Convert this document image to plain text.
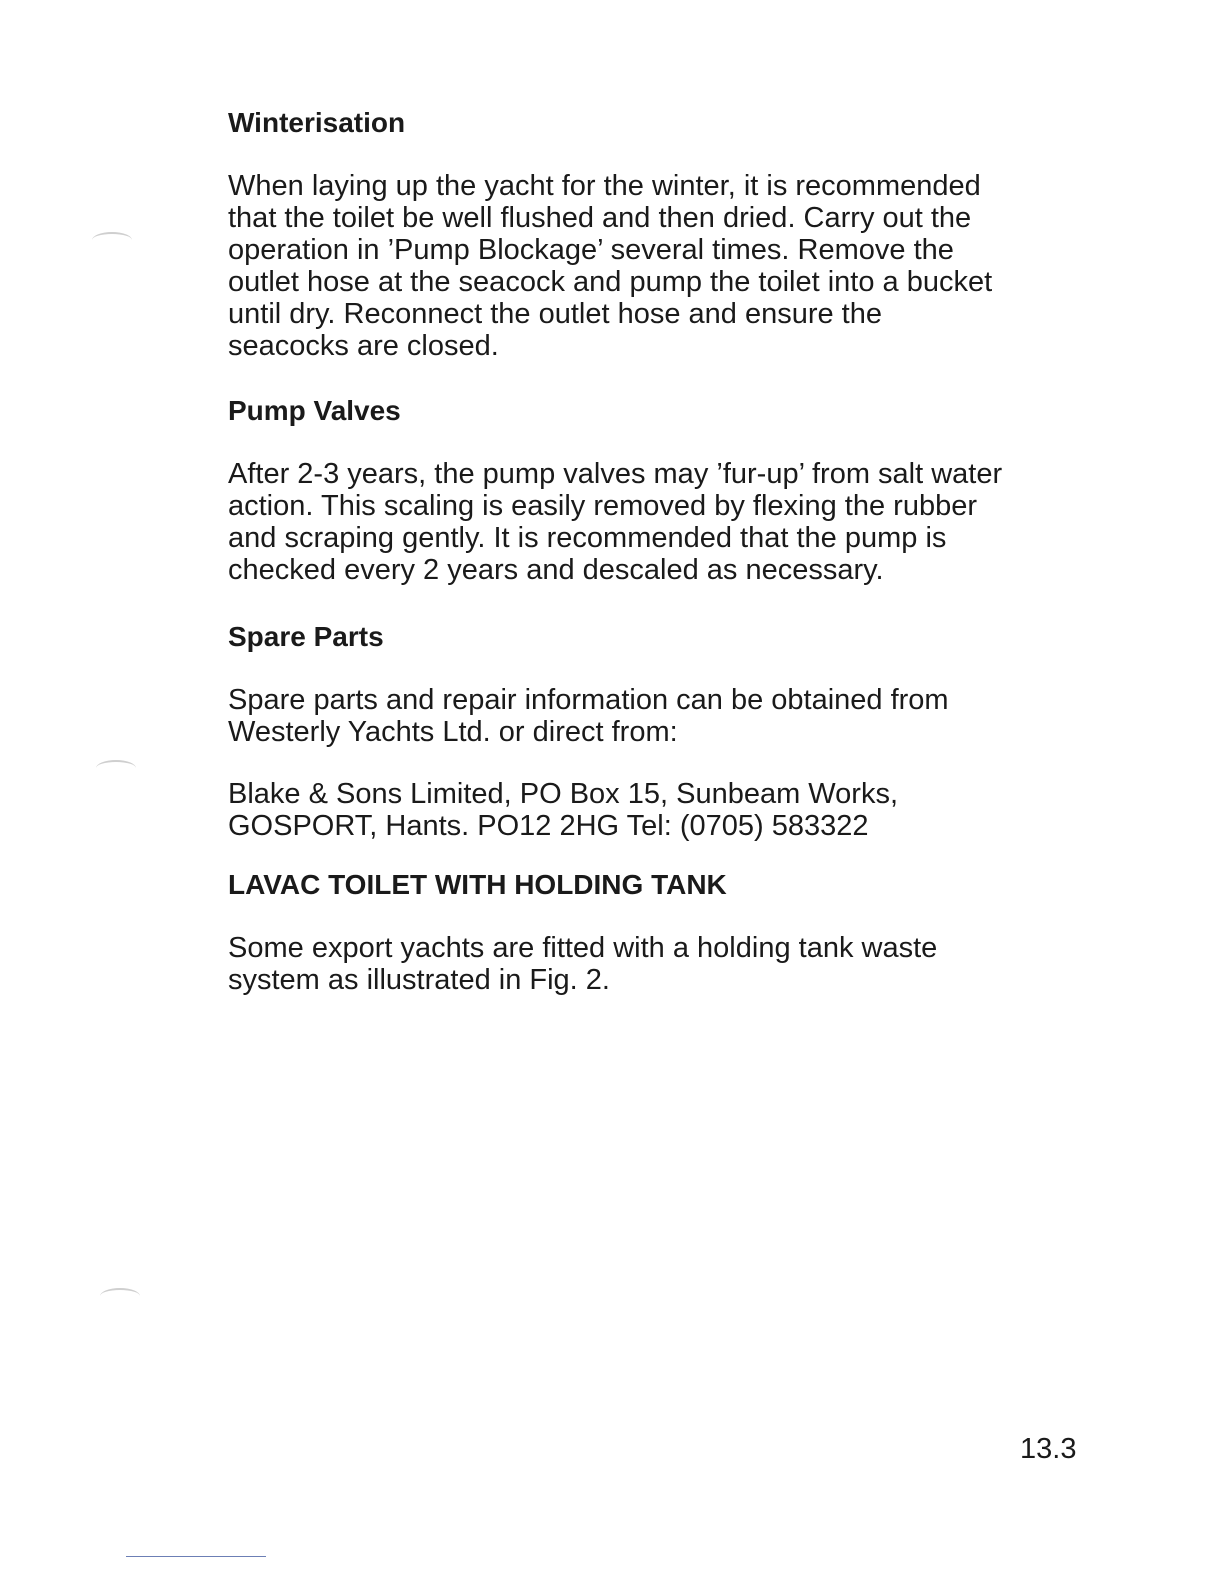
Winterisation

When laying up the yacht for the winter, it is recommended
that the toilet be well flushed and then dried. Carry out the
operation in ’Pump Blockage’ several times. Remove the
outlet hose at the seacock and pump the toilet into a bucket
until dry. Reconnect the outlet hose and ensure the
seacocks are closed.

Pump Valves

After 2-3 years, the pump valves may ’fur-up’ from salt water
action. This scaling is easily removed by flexing the rubber
and scraping gently. It is recommended that the pump is
checked every 2 years and descaled as necessary.

Spare Parts

Spare parts and repair information can be obtained from
Westerly Yachts Ltd. or direct from:

Blake & Sons Limited, PO Box 15, Sunbeam Works,
GOSPORT, Hants. PO12 2HG Tel: (0705) 583322

LAVAC TOILET WITH HOLDING TANK

Some export yachts are fitted with a holding tank waste
system as illustrated in Fig. 2.

13.3
